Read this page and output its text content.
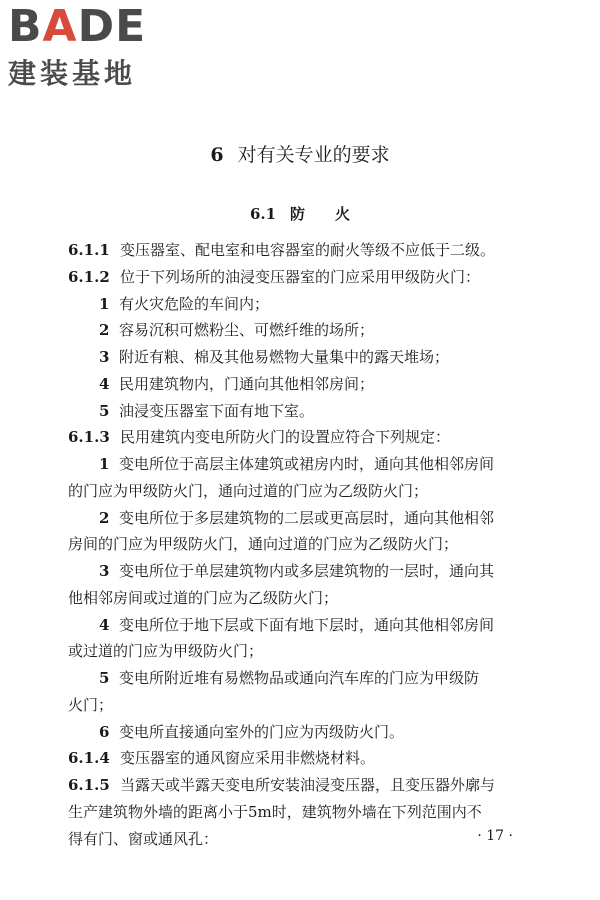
BADE
建装基地
6 对有关专业的要求
6.1 防　　火
6.1.1 变压器室、配电室和电容器室的耐火等级不应低于二级。
6.1.2 位于下列场所的油浸变压器室的门应采用甲级防火门：
1 有火灾危险的车间内；
2 容易沉积可燃粉尘、可燃纤维的场所；
3 附近有粮、棉及其他易燃物大量集中的露天堆场；
4 民用建筑物内，门通向其他相邻房间；
5 油浸变压器室下面有地下室。
6.1.3 民用建筑内变电所防火门的设置应符合下列规定：
1 变电所位于高层主体建筑或裙房内时，通向其他相邻房间
的门应为甲级防火门，通向过道的门应为乙级防火门；
2 变电所位于多层建筑物的二层或更高层时，通向其他相邻
房间的门应为甲级防火门，通向过道的门应为乙级防火门；
3 变电所位于单层建筑物内或多层建筑物的一层时，通向其
他相邻房间或过道的门应为乙级防火门；
4 变电所位于地下层或下面有地下层时，通向其他相邻房间
或过道的门应为甲级防火门；
5 变电所附近堆有易燃物品或通向汽车库的门应为甲级防
火门；
6 变电所直接通向室外的门应为丙级防火门。
6.1.4 变压器室的通风窗应采用非燃烧材料。
6.1.5 当露天或半露天变电所安装油浸变压器，且变压器外廓与
生产建筑物外墙的距离小于5m时，建筑物外墙在下列范围内不
得有门、窗或通风孔：	· 17 ·
